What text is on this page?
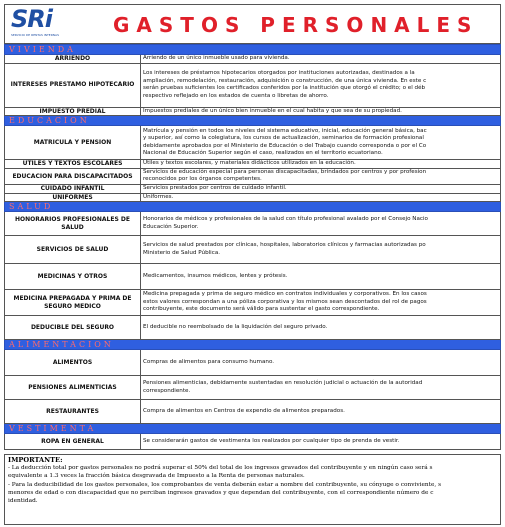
SRi
SERVICIO DE RENTAS INTERNAS	GASTOS PERSONALES
VIVIENDA	
ARRIENDO	Arriendo de un único inmueble usado para vivienda.

INTERESES PRESTAMO HIPOTECARIO	Los intereses de préstamos hipotecarios otorgados por instituciones autorizadas, destinados a la
ampliación, remodelación, restauración, adquisición o construcción, de una única vivienda. En este c
serán pruebas suficientes los certificados conferidos por la institución que otorgó el crédito; o el déb
respectivo reflejado en los estados de cuenta o libretas de ahorro.

IMPUESTO PREDIAL	Impuestos prediales de un único bien inmueble en el cual habita y que sea de su propiedad.

EDUCACION	
MATRICULA Y PENSION	Matrícula y pensión en todos los niveles del sistema educativo, inicial, educación general básica, bac
y superior, así como la colegiatura, los cursos de actualización, seminarios de formación profesional
debidamente aprobados por el Ministerio de Educación o del Trabajo cuando corresponda o por el Co
Nacional de Educación Superior según el caso, realizados en el territorio ecuatoriano.

UTILES Y TEXTOS ESCOLARES	Útiles y textos escolares, y materiales didácticos utilizados en la educación.

EDUCACION PARA DISCAPACITADOS	Servicios de educación especial para personas discapacitadas, brindados por centros y por profesion
reconocidos por los órganos competentes.

CUIDADO INFANTIL	Servicios prestados por centros de cuidado infantil.

UNIFORMES	Uniformes.

SALUD	
HONORARIOS PROFESIONALES DE SALUD	Honorarios de médicos y profesionales de la salud con título profesional avalado por el Consejo Nacio
Educación Superior.

SERVICIOS DE SALUD	Servicios de salud prestados por clínicas, hospitales, laboratorios clínicos y farmacias autorizadas po
Ministerio de Salud Pública.

MEDICINAS Y OTROS	Medicamentos, insumos médicos, lentes y prótesis.

MEDICINA PREPAGADA Y PRIMA DE SEGURO MEDICO	Medicina prepagada y prima de seguro médico en contratos individuales y corporativos. En los casos
estos valores correspondan a una póliza corporativa y los mismos sean descontados del rol de pagos
contribuyente, este documento será válido para sustentar el gasto correspondiente.

DEDUCIBLE DEL SEGURO	El deducible no reembolsado de la liquidación del seguro privado.

ALIMENTACION	
ALIMENTOS	Compras de alimentos para consumo humano.

PENSIONES ALIMENTICIAS	Pensiones alimenticias, debidamente sustentadas en resolución judicial o actuación de la autoridad
correspondiente.

RESTAURANTES	Compra de alimentos en Centros de expendio de alimentos preparados.

VESTIMENTA	
ROPA EN GENERAL	Se considerarán gastos de vestimenta los realizados por cualquier tipo de prenda de vestir.
IMPORTANTE:
- La deducción total por gastos personales no podrá superar el 50% del total de los ingresos gravados del contribuyente y en ningún caso será s
equivalente a 1.3 veces la fracción básica desgravada de Impuesto a la Renta de personas naturales.
- Para la deducibilidad de los gastos personales, los comprobantes de venta deberán estar a nombre del contribuyente, su cónyuge o conviviente, s
menores de edad o con discapacidad que no perciban ingresos gravados y que dependan del contribuyente, con el correspondiente número de c
identidad.
